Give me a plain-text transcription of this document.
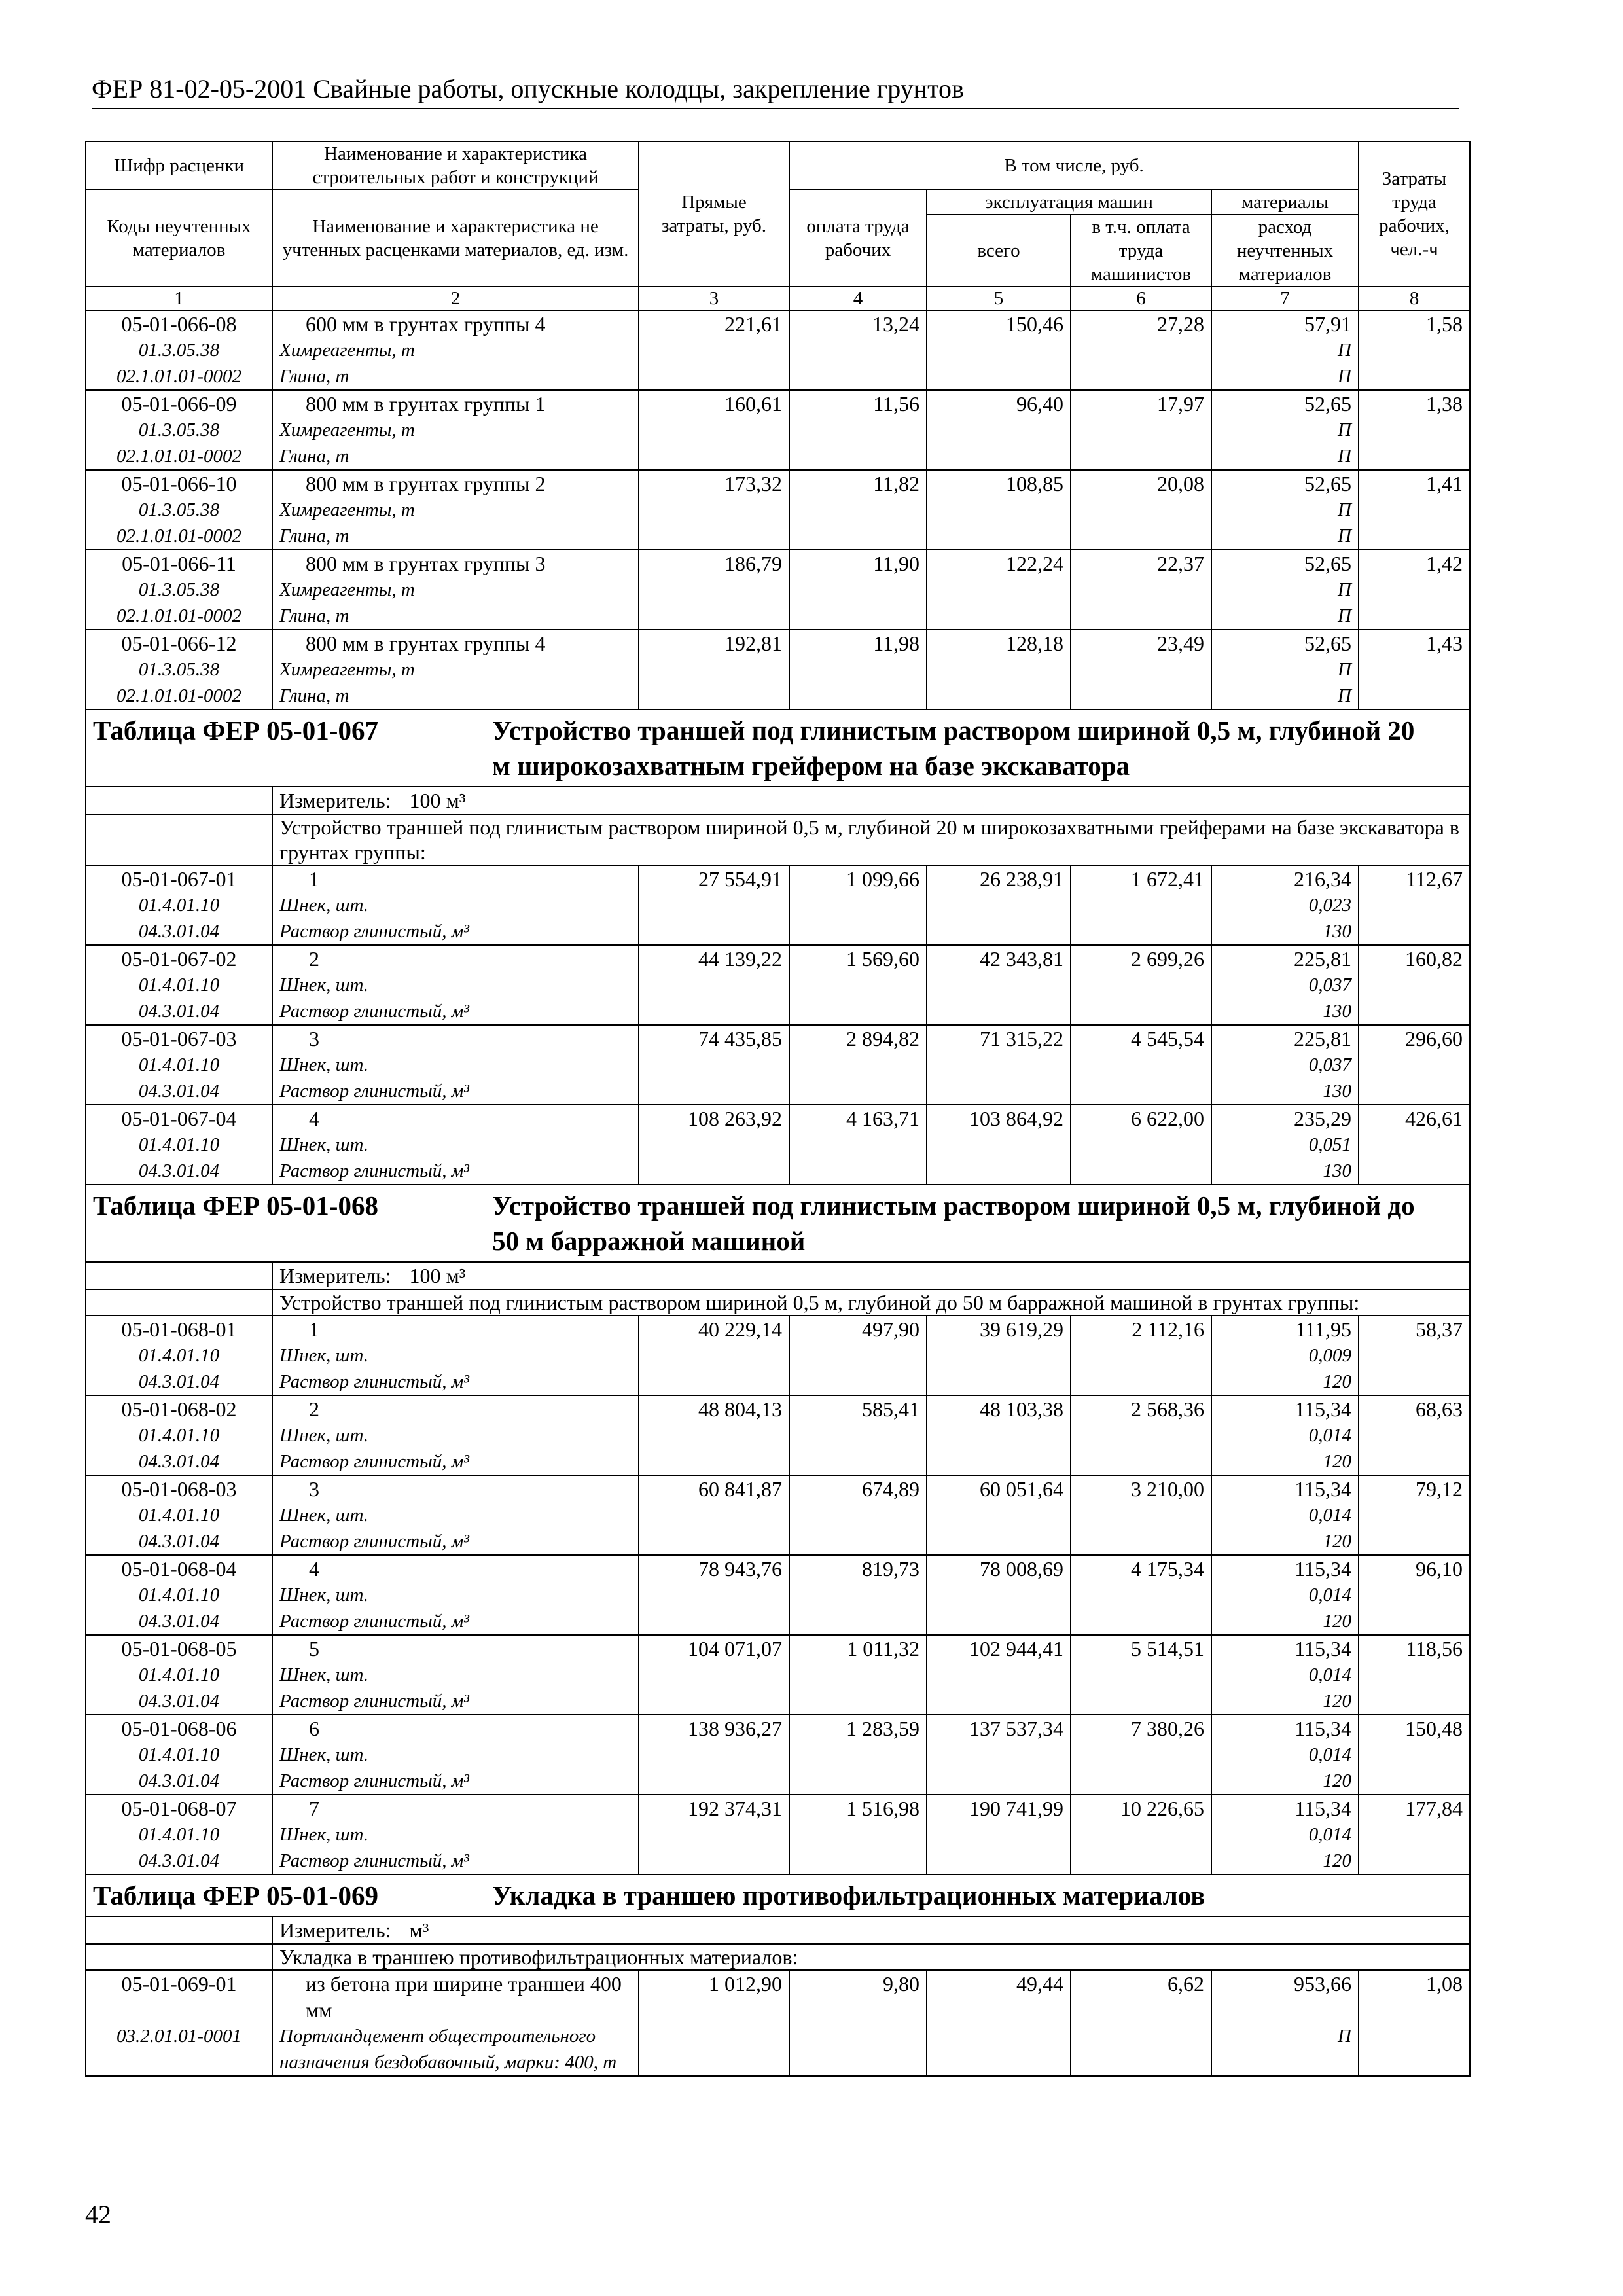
ФЕР 81-02-05-2001 Свайные работы, опускные колодцы, закрепление грунтов
Шифр расценки	Наименование и характеристика строительных работ и конструкций	Прямые затраты, руб.	В том числе, руб.				Затраты труда рабочих, чел.-ч
Коды неучтенных материалов	Наименование и характеристика не учтенных расценками материалов, ед. изм.		оплата труда рабочих	эксплуатация машин		материалы	
				всего	в т.ч. оплата труда машинистов	расход неучтенных материалов	
1	2	3	4	5	6	7	8
05-01-066-08	600 мм в грунтах группы 4	221,61	13,24	150,46	27,28	57,91	1,58
01.3.05.38	Химреагенты, т					П	
02.1.01.01-0002	Глина, т					П	
05-01-066-09	800 мм в грунтах группы 1	160,61	11,56	96,40	17,97	52,65	1,38
01.3.05.38	Химреагенты, т					П	
02.1.01.01-0002	Глина, т					П	
05-01-066-10	800 мм в грунтах группы 2	173,32	11,82	108,85	20,08	52,65	1,41
01.3.05.38	Химреагенты, т					П	
02.1.01.01-0002	Глина, т					П	
05-01-066-11	800 мм в грунтах группы 3	186,79	11,90	122,24	22,37	52,65	1,42
01.3.05.38	Химреагенты, т					П	
02.1.01.01-0002	Глина, т					П	
05-01-066-12	800 мм в грунтах группы 4	192,81	11,98	128,18	23,49	52,65	1,43
01.3.05.38	Химреагенты, т					П	
02.1.01.01-0002	Глина, т					П	
Таблица ФЕР 05-01-067 Устройство траншей под глинистым раствором шириной 0,5 м, глубиной 20 м широкозахватным грейфером на базе экскаватора							
	Измеритель: 100 м³						
	Устройство траншей под глинистым раствором шириной 0,5 м, глубиной 20 м широкозахватными грейферами на базе экскаватора в грунтах группы:						
05-01-067-01	1	27 554,91	1 099,66	26 238,91	1 672,41	216,34	112,67
01.4.01.10	Шнек, шт.					0,023	
04.3.01.04	Раствор глинистый, м³					130	
05-01-067-02	2	44 139,22	1 569,60	42 343,81	2 699,26	225,81	160,82
01.4.01.10	Шнек, шт.					0,037	
04.3.01.04	Раствор глинистый, м³					130	
05-01-067-03	3	74 435,85	2 894,82	71 315,22	4 545,54	225,81	296,60
01.4.01.10	Шнек, шт.					0,037	
04.3.01.04	Раствор глинистый, м³					130	
05-01-067-04	4	108 263,92	4 163,71	103 864,92	6 622,00	235,29	426,61
01.4.01.10	Шнек, шт.					0,051	
04.3.01.04	Раствор глинистый, м³					130	
Таблица ФЕР 05-01-068 Устройство траншей под глинистым раствором шириной 0,5 м, глубиной до 50 м барражной машиной							
	Измеритель: 100 м³						
	Устройство траншей под глинистым раствором шириной 0,5 м, глубиной до 50 м барражной машиной в грунтах группы:						
05-01-068-01	1	40 229,14	497,90	39 619,29	2 112,16	111,95	58,37
01.4.01.10	Шнек, шт.					0,009	
04.3.01.04	Раствор глинистый, м³					120	
05-01-068-02	2	48 804,13	585,41	48 103,38	2 568,36	115,34	68,63
01.4.01.10	Шнек, шт.					0,014	
04.3.01.04	Раствор глинистый, м³					120	
05-01-068-03	3	60 841,87	674,89	60 051,64	3 210,00	115,34	79,12
01.4.01.10	Шнек, шт.					0,014	
04.3.01.04	Раствор глинистый, м³					120	
05-01-068-04	4	78 943,76	819,73	78 008,69	4 175,34	115,34	96,10
01.4.01.10	Шнек, шт.					0,014	
04.3.01.04	Раствор глинистый, м³					120	
05-01-068-05	5	104 071,07	1 011,32	102 944,41	5 514,51	115,34	118,56
01.4.01.10	Шнек, шт.					0,014	
04.3.01.04	Раствор глинистый, м³					120	
05-01-068-06	6	138 936,27	1 283,59	137 537,34	7 380,26	115,34	150,48
01.4.01.10	Шнек, шт.					0,014	
04.3.01.04	Раствор глинистый, м³					120	
05-01-068-07	7	192 374,31	1 516,98	190 741,99	10 226,65	115,34	177,84
01.4.01.10	Шнек, шт.					0,014	
04.3.01.04	Раствор глинистый, м³					120	
Таблица ФЕР 05-01-069 Укладка в траншею противофильтрационных материалов							
	Измеритель: м³						
	Укладка в траншею противофильтрационных материалов:						
05-01-069-01	из бетона при ширине траншеи 400 мм	1 012,90	9,80	49,44	6,62	953,66	1,08
03.2.01.01-0001	Портландцемент общестроительного назначения бездобавочный, марки: 400, т					П	
42
